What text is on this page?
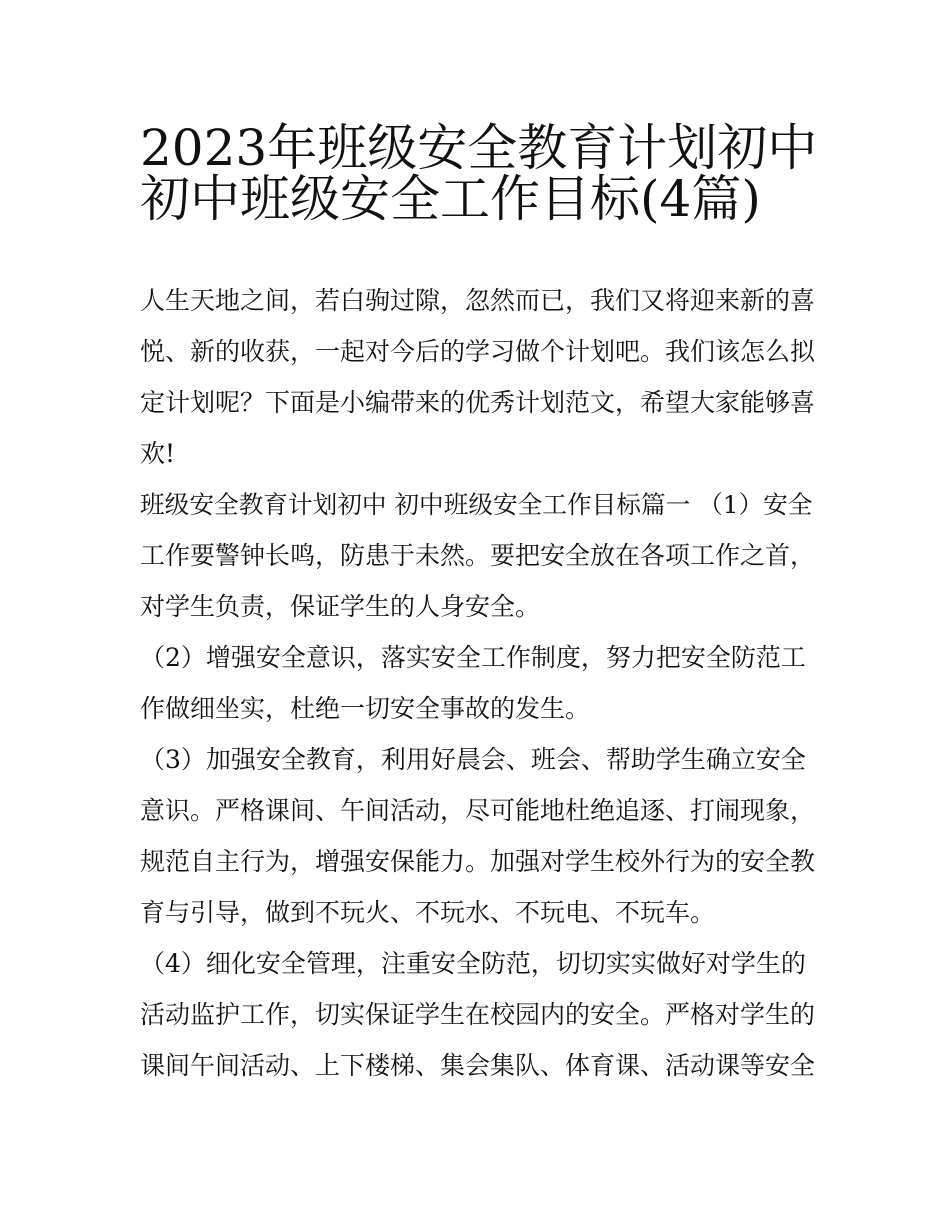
2023年班级安全教育计划初中
初中班级安全工作目标(4篇)
人生天地之间，若白驹过隙，忽然而已，我们又将迎来新的喜
悦、新的收获，一起对今后的学习做个计划吧。我们该怎么拟
定计划呢？下面是小编带来的优秀计划范文，希望大家能够喜
欢!
班级安全教育计划初中 初中班级安全工作目标篇一 （1）安全
工作要警钟长鸣，防患于未然。要把安全放在各项工作之首，
对学生负责，保证学生的人身安全。
（2）增强安全意识，落实安全工作制度，努力把安全防范工
作做细坐实，杜绝一切安全事故的发生。
（3）加强安全教育，利用好晨会、班会、帮助学生确立安全
意识。严格课间、午间活动，尽可能地杜绝追逐、打闹现象，
规范自主行为，增强安保能力。加强对学生校外行为的安全教
育与引导，做到不玩火、不玩水、不玩电、不玩车。
（4）细化安全管理，注重安全防范，切切实实做好对学生的
活动监护工作，切实保证学生在校园内的安全。严格对学生的
课间午间活动、上下楼梯、集会集队、体育课、活动课等安全
